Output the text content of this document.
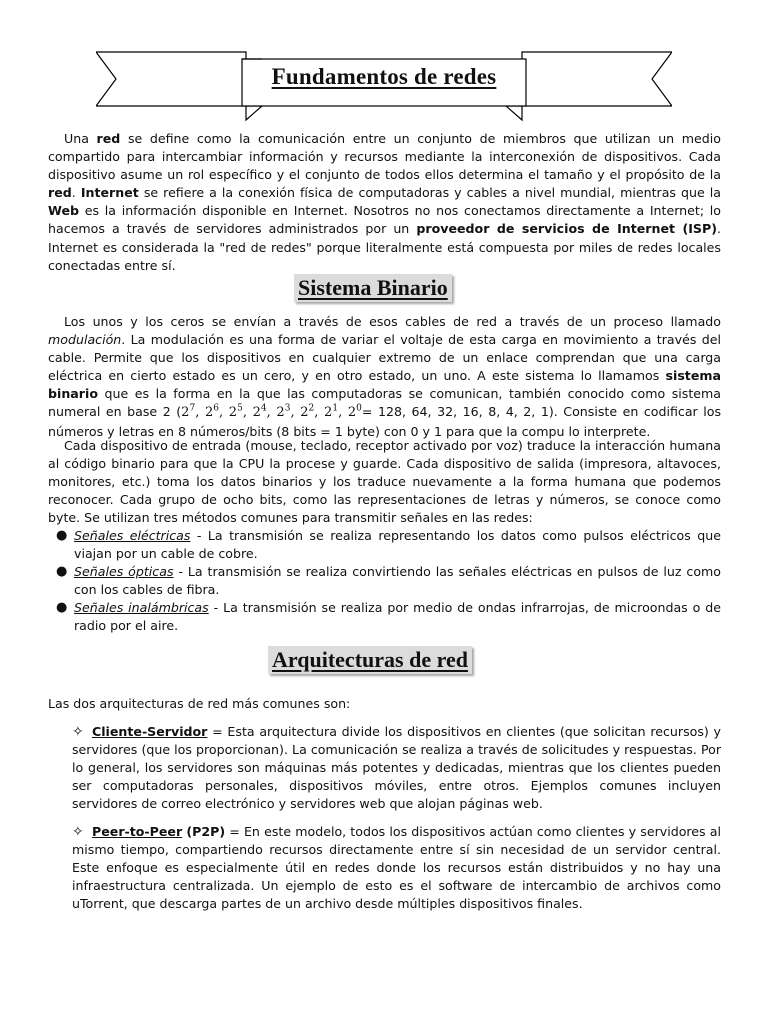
Fundamentos de redes

Una red se define como la comunicación entre un conjunto de miembros que utilizan un medio compartido para intercambiar información y recursos mediante la interconexión de dispositivos. Cada dispositivo asume un rol específico y el conjunto de todos ellos determina el tamaño y el propósito de la red. Internet se refiere a la conexión física de computadoras y cables a nivel mundial, mientras que la Web es la información disponible en Internet. Nosotros no nos conectamos directamente a Internet; lo hacemos a través de servidores administrados por un proveedor de servicios de Internet (ISP). Internet es considerada la "red de redes" porque literalmente está compuesta por miles de redes locales conectadas entre sí.

Sistema Binario

Los unos y los ceros se envían a través de esos cables de red a través de un proceso llamado modulación. La modulación es una forma de variar el voltaje de esta carga en movimiento a través del cable. Permite que los dispositivos en cualquier extremo de un enlace comprendan que una carga eléctrica en cierto estado es un cero, y en otro estado, un uno. A este sistema lo llamamos sistema binario que es la forma en la que las computadoras se comunican, también conocido como sistema numeral en base 2 ($2^7$, $2^6$, $2^5$, $2^4$, $2^3$, $2^2$, $2^1$, $2^0= 128$, 64, 32, 16, 8, 4, 2, 1). Consiste en codificar los números y letras en 8 números/bits (8 bits = 1 byte) con 0 y 1 para que la compu lo interprete.

Cada dispositivo de entrada (mouse, teclado, receptor activado por voz) traduce la interacción humana al código binario para que la CPU la procese y guarde. Cada dispositivo de salida (impresora, altavoces, monitores, etc.) toma los datos binarios y los traduce nuevamente a la forma humana que podemos reconocer. Cada grupo de ocho bits, como las representaciones de letras y números, se conoce como byte. Se utilizan tres métodos comunes para transmitir señales en las redes:

● Señales eléctricas - La transmisión se realiza representando los datos como pulsos eléctricos que viajan por un cable de cobre.
● Señales ópticas - La transmisión se realiza convirtiendo las señales eléctricas en pulsos de luz como con los cables de fibra.
● Señales inalámbricas - La transmisión se realiza por medio de ondas infrarrojas, de microondas o de radio por el aire.
Arquitecturas de red

Las dos arquitecturas de red más comunes son:

✧ Cliente-Servidor = Esta arquitectura divide los dispositivos en clientes (que solicitan recursos) y servidores (que los proporcionan). La comunicación se realiza a través de solicitudes y respuestas. Por lo general, los servidores son máquinas más potentes y dedicadas, mientras que los clientes pueden ser computadoras personales, dispositivos móviles, entre otros. Ejemplos comunes incluyen servidores de correo electrónico y servidores web que alojan páginas web.

✧ Peer-to-Peer (P2P) = En este modelo, todos los dispositivos actúan como clientes y servidores al mismo tiempo, compartiendo recursos directamente entre sí sin necesidad de un servidor central. Este enfoque es especialmente útil en redes donde los recursos están distribuidos y no hay una infraestructura centralizada. Un ejemplo de esto es el software de intercambio de archivos como uTorrent, que descarga partes de un archivo desde múltiples dispositivos finales.
